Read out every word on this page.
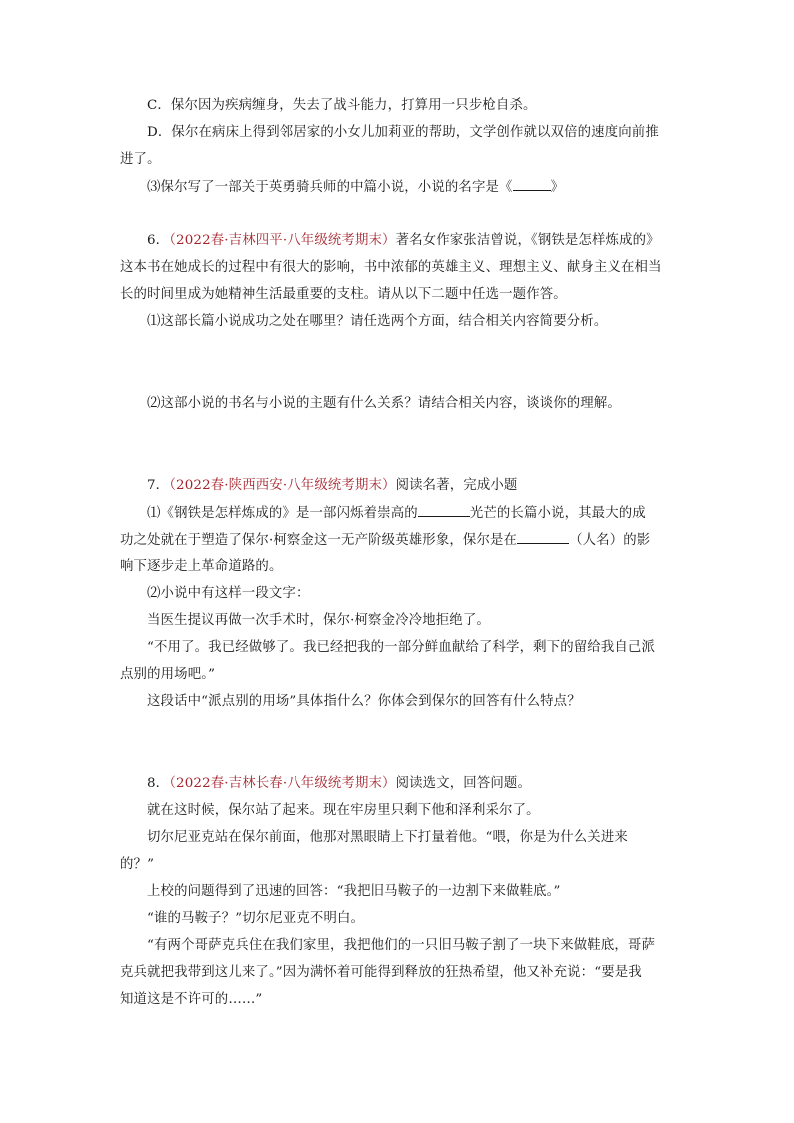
C．保尔因为疾病缠身，失去了战斗能力，打算用一只步枪自杀。
D．保尔在病床上得到邻居家的小女儿加莉亚的帮助，文学创作就以双倍的速度向前推
进了。
⑶保尔写了一部关于英勇骑兵师的中篇小说，小说的名字是《	》
6．（2022春·吉林四平·八年级统考期末）著名女作家张洁曾说，《钢铁是怎样炼成的》
这本书在她成长的过程中有很大的影响，书中浓郁的英雄主义、理想主义、献身主义在相当
长的时间里成为她精神生活最重要的支柱。请从以下二题中任选一题作答。
⑴这部长篇小说成功之处在哪里？请任选两个方面，结合相关内容简要分析。
⑵这部小说的书名与小说的主题有什么关系？请结合相关内容，谈谈你的理解。
7．（2022春·陕西西安·八年级统考期末）阅读名著，完成小题
⑴《钢铁是怎样炼成的》是一部闪烁着崇高的	光芒的长篇小说，其最大的成
功之处就在于塑造了保尔·柯察金这一无产阶级英雄形象，保尔是在	（人名）的影
响下逐步走上革命道路的。
⑵小说中有这样一段文字：
当医生提议再做一次手术时，保尔·柯察金冷冷地拒绝了。
“不用了。我已经做够了。我已经把我的一部分鲜血献给了科学，剩下的留给我自己派
点别的用场吧。”
这段话中“派点别的用场”具体指什么？你体会到保尔的回答有什么特点？
8．（2022春·吉林长春·八年级统考期末）阅读选文，回答问题。
就在这时候，保尔站了起来。现在牢房里只剩下他和泽利采尔了。
切尔尼亚克站在保尔前面，他那对黑眼睛上下打量着他。“喂，你是为什么关进来
的？”
上校的问题得到了迅速的回答：“我把旧马鞍子的一边割下来做鞋底。”
“谁的马鞍子？”切尔尼亚克不明白。
“有两个哥萨克兵住在我们家里，我把他们的一只旧马鞍子割了一块下来做鞋底，哥萨
克兵就把我带到这儿来了。”因为满怀着可能得到释放的狂热希望，他又补充说：“要是我
知道这是不许可的……”
